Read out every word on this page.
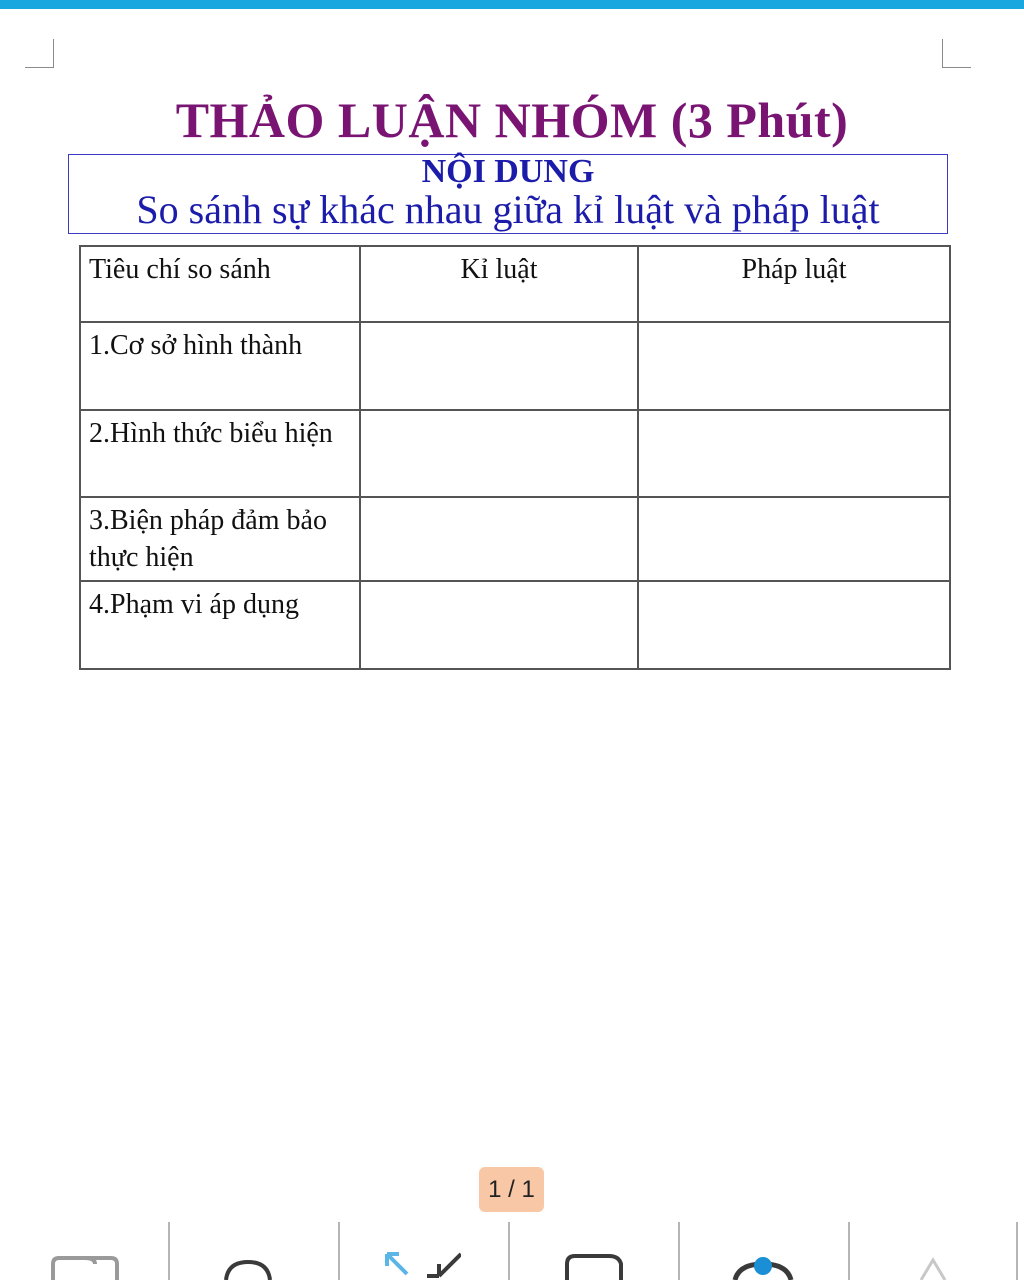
THẢO LUẬN NHÓM (3 Phút)
NỘI DUNG
So sánh sự khác nhau giữa kỉ luật và pháp luật
Tiêu chí so sánh	Kỉ luật	Pháp luật
1.Cơ sở hình thành		
2.Hình thức biểu hiện		
3.Biện pháp đảm bảo thực hiện		
4.Phạm vi áp dụng		
1 / 1
